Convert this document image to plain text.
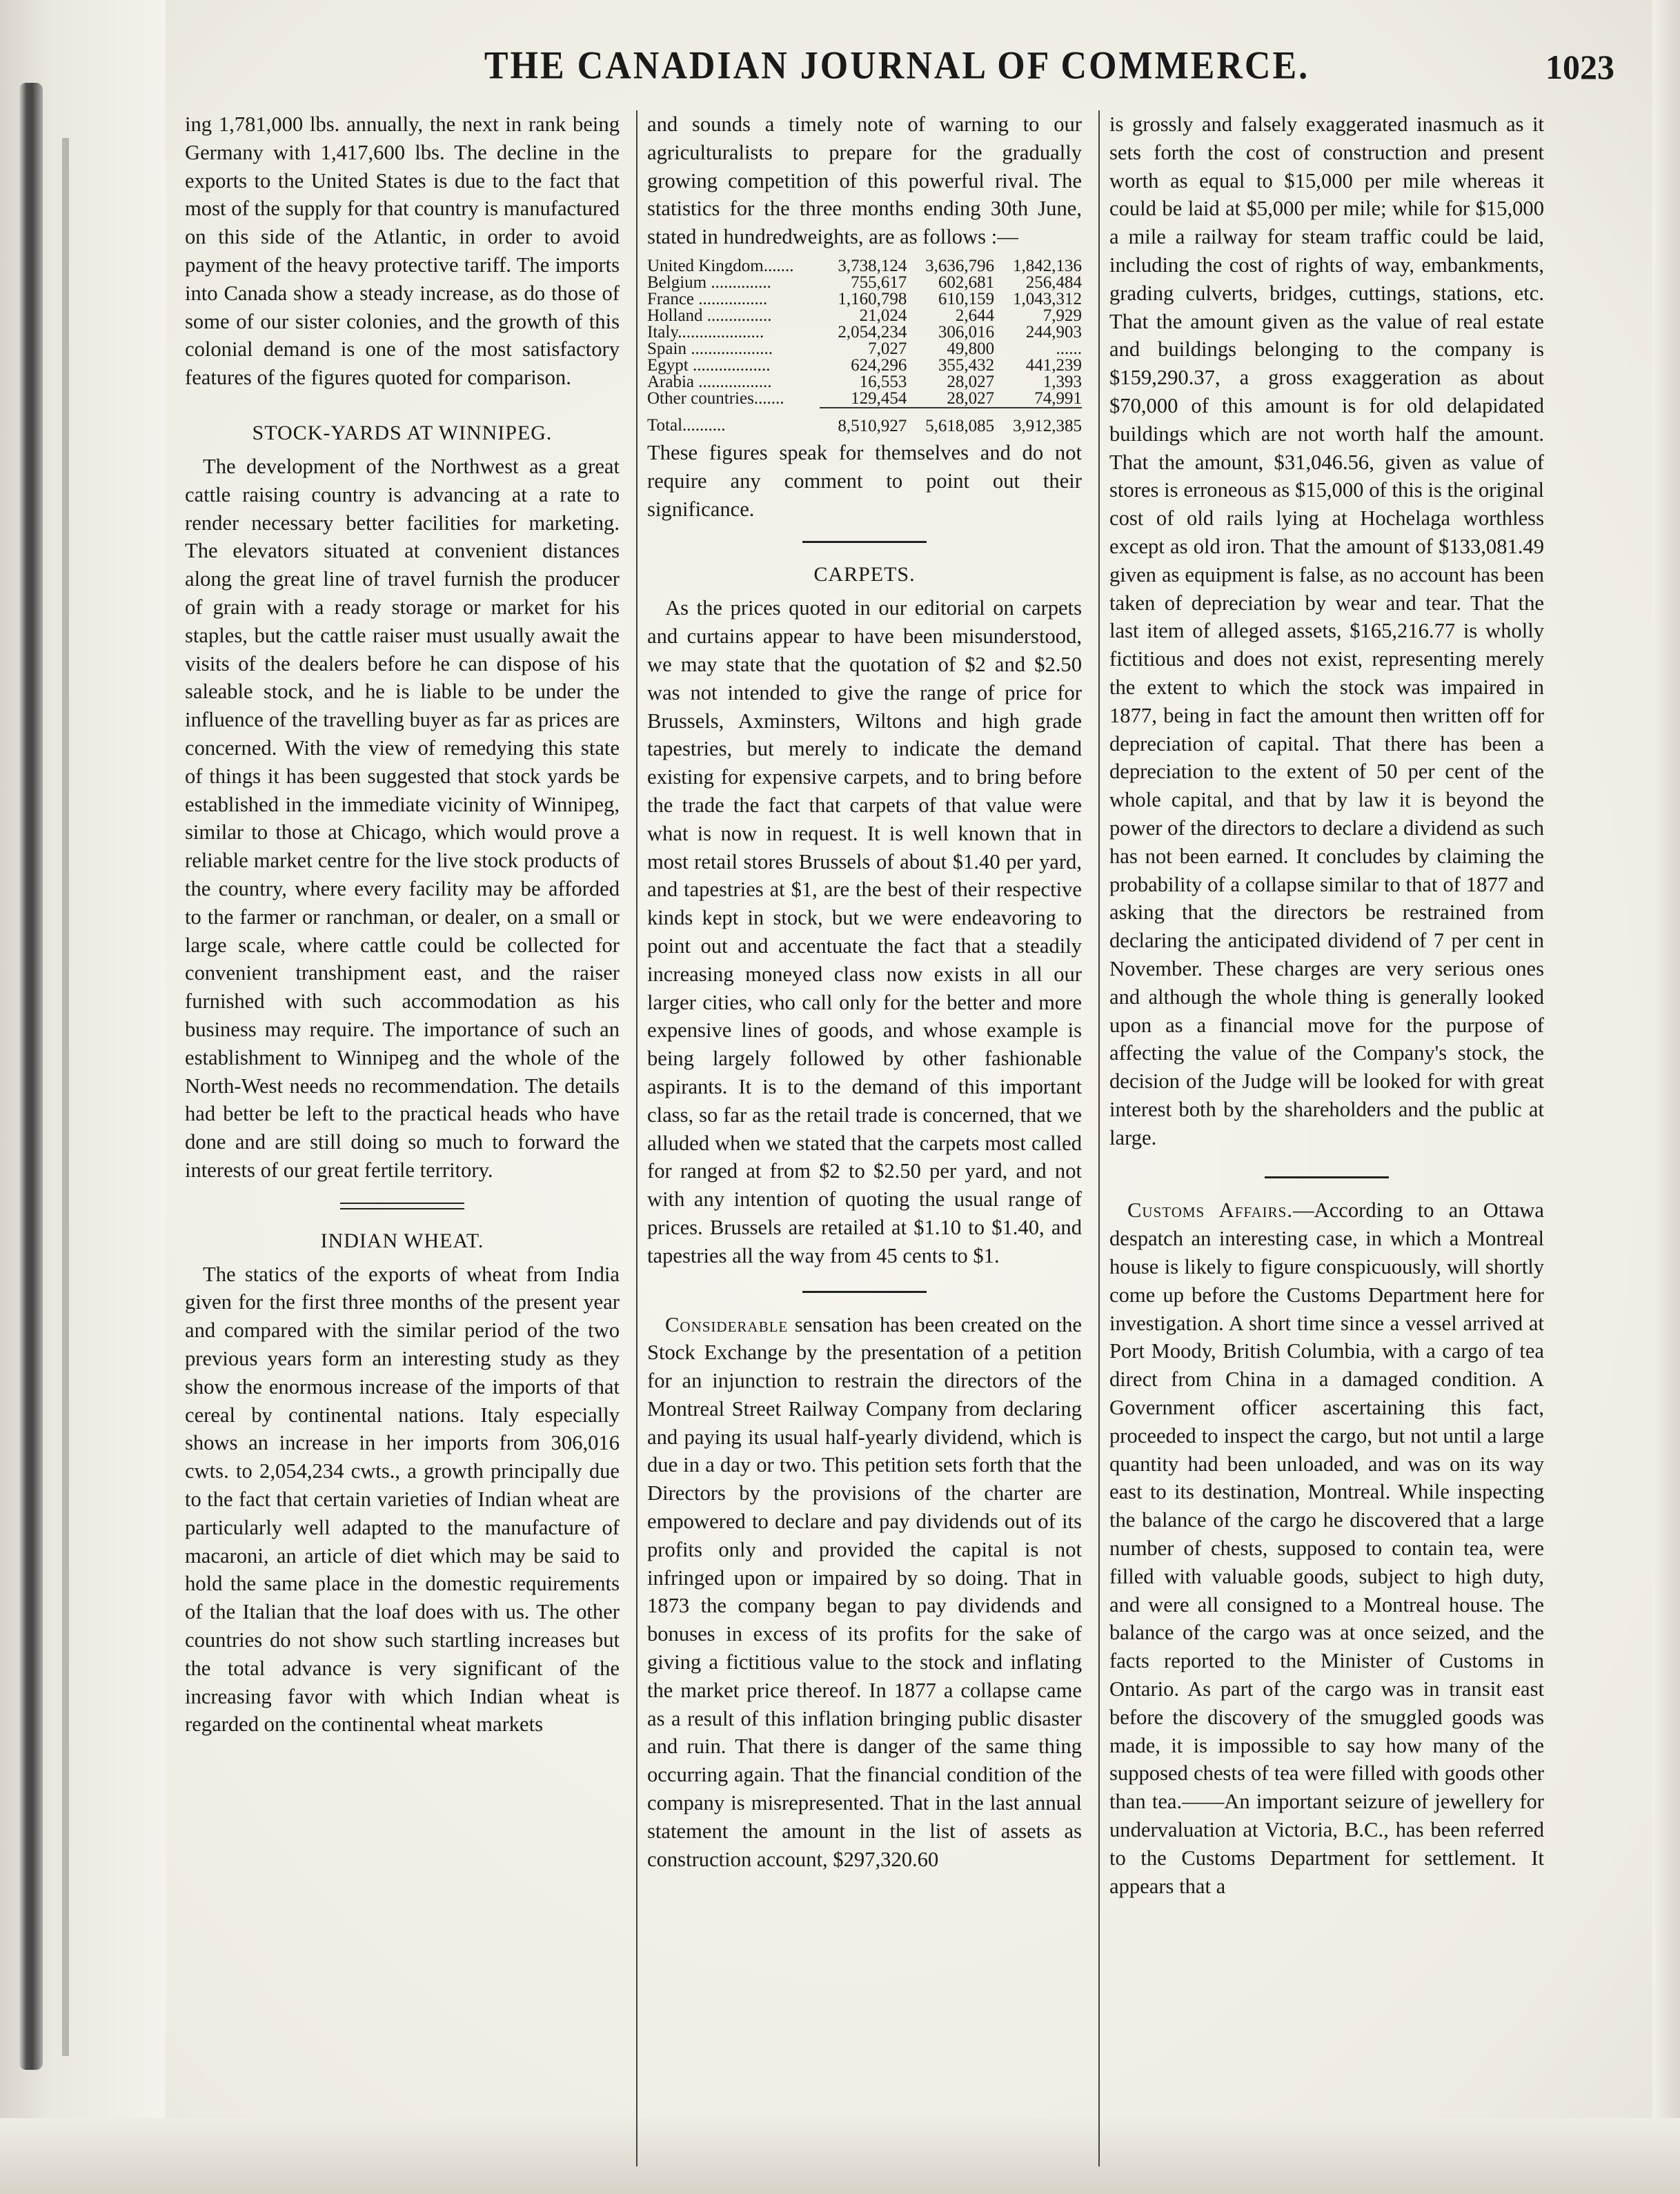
THE CANADIAN JOURNAL OF COMMERCE.	1023

ing 1,781,000 lbs. annually, the next in rank being Germany with 1,417,600 lbs. The decline in the exports to the United States is due to the fact that most of the supply for that country is manufactured on this side of the Atlantic, in order to avoid payment of the heavy protective tariff. The imports into Canada show a steady increase, as do those of some of our sister colonies, and the growth of this colonial demand is one of the most satisfactory features of the figures quoted for comparison.

STOCK-YARDS AT WINNIPEG.

The development of the Northwest as a great cattle raising country is advancing at a rate to render necessary better facilities for marketing. The elevators situated at convenient distances along the great line of travel furnish the producer of grain with a ready storage or market for his staples, but the cattle raiser must usually await the visits of the dealers before he can dispose of his saleable stock, and he is liable to be under the influence of the travelling buyer as far as prices are concerned. With the view of remedying this state of things it has been suggested that stock yards be established in the immediate vicinity of Winnipeg, similar to those at Chicago, which would prove a reliable market centre for the live stock products of the country, where every facility may be afforded to the farmer or ranchman, or dealer, on a small or large scale, where cattle could be collected for convenient transhipment east, and the raiser furnished with such accommodation as his business may require. The importance of such an establishment to Winnipeg and the whole of the North-West needs no recommendation. The details had better be left to the practical heads who have done and are still doing so much to forward the interests of our great fertile territory.

INDIAN WHEAT.

The statics of the exports of wheat from India given for the first three months of the present year and compared with the similar period of the two previous years form an interesting study as they show the enormous increase of the imports of that cereal by continental nations. Italy especially shows an increase in her imports from 306,016 cwts. to 2,054,234 cwts., a growth principally due to the fact that certain varieties of Indian wheat are particularly well adapted to the manufacture of macaroni, an article of diet which may be said to hold the same place in the domestic requirements of the Italian that the loaf does with us. The other countries do not show such startling increases but the total advance is very significant of the increasing favor with which Indian wheat is regarded on the continental wheat markets

and sounds a timely note of warning to our agriculturalists to prepare for the gradually growing competition of this powerful rival. The statistics for the three months ending 30th June, stated in hundredweights, are as follows :—

United Kingdom.......	3,738,124	3,636,796	1,842,136
Belgium ..............	755,617	602,681	256,484
France ................	1,160,798	610,159	1,043,312
Holland ...............	21,024	2,644	7,929
Italy....................	2,054,234	306,016	244,903
Spain ...................	7,027	49,800	......
Egypt ..................	624,296	355,432	441,239
Arabia .................	16,553	28,027	1,393
Other countries.......	129,454	28,027	74,991
Total..........	8,510,927	5,618,085	3,912,385

These figures speak for themselves and do not require any comment to point out their significance.

CARPETS.

As the prices quoted in our editorial on carpets and curtains appear to have been misunderstood, we may state that the quotation of $2 and $2.50 was not intended to give the range of price for Brussels, Axminsters, Wiltons and high grade tapestries, but merely to indicate the demand existing for expensive carpets, and to bring before the trade the fact that carpets of that value were what is now in request. It is well known that in most retail stores Brussels of about $1.40 per yard, and tapestries at $1, are the best of their respective kinds kept in stock, but we were endeavoring to point out and accentuate the fact that a steadily increasing moneyed class now exists in all our larger cities, who call only for the better and more expensive lines of goods, and whose example is being largely followed by other fashionable aspirants. It is to the demand of this important class, so far as the retail trade is concerned, that we alluded when we stated that the carpets most called for ranged at from $2 to $2.50 per yard, and not with any intention of quoting the usual range of prices. Brussels are retailed at $1.10 to $1.40, and tapestries all the way from 45 cents to $1.

Considerable sensation has been created on the Stock Exchange by the presentation of a petition for an injunction to restrain the directors of the Montreal Street Railway Company from declaring and paying its usual half-yearly dividend, which is due in a day or two. This petition sets forth that the Directors by the provisions of the charter are empowered to declare and pay dividends out of its profits only and provided the capital is not infringed upon or impaired by so doing. That in 1873 the company began to pay dividends and bonuses in excess of its profits for the sake of giving a fictitious value to the stock and inflating the market price thereof. In 1877 a collapse came as a result of this inflation bringing public disaster and ruin. That there is danger of the same thing occurring again. That the financial condition of the company is misrepresented. That in the last annual statement the amount in the list of assets as construction account, $297,320.60

is grossly and falsely exaggerated inasmuch as it sets forth the cost of construction and present worth as equal to $15,000 per mile whereas it could be laid at $5,000 per mile; while for $15,000 a mile a railway for steam traffic could be laid, including the cost of rights of way, embankments, grading culverts, bridges, cuttings, stations, etc. That the amount given as the value of real estate and buildings belonging to the company is $159,290.37, a gross exaggeration as about $70,000 of this amount is for old delapidated buildings which are not worth half the amount. That the amount, $31,046.56, given as value of stores is erroneous as $15,000 of this is the original cost of old rails lying at Hochelaga worthless except as old iron. That the amount of $133,081.49 given as equipment is false, as no account has been taken of depreciation by wear and tear. That the last item of alleged assets, $165,216.77 is wholly fictitious and does not exist, representing merely the extent to which the stock was impaired in 1877, being in fact the amount then written off for depreciation of capital. That there has been a depreciation to the extent of 50 per cent of the whole capital, and that by law it is beyond the power of the directors to declare a dividend as such has not been earned. It concludes by claiming the probability of a collapse similar to that of 1877 and asking that the directors be restrained from declaring the anticipated dividend of 7 per cent in November. These charges are very serious ones and although the whole thing is generally looked upon as a financial move for the purpose of affecting the value of the Company's stock, the decision of the Judge will be looked for with great interest both by the shareholders and the public at large.

Customs Affairs.—According to an Ottawa despatch an interesting case, in which a Montreal house is likely to figure conspicuously, will shortly come up before the Customs Department here for investigation. A short time since a vessel arrived at Port Moody, British Columbia, with a cargo of tea direct from China in a damaged condition. A Government officer ascertaining this fact, proceeded to inspect the cargo, but not until a large quantity had been unloaded, and was on its way east to its destination, Montreal. While inspecting the balance of the cargo he discovered that a large number of chests, supposed to contain tea, were filled with valuable goods, subject to high duty, and were all consigned to a Montreal house. The balance of the cargo was at once seized, and the facts reported to the Minister of Customs in Ontario. As part of the cargo was in transit east before the discovery of the smuggled goods was made, it is impossible to say how many of the supposed chests of tea were filled with goods other than tea.——An important seizure of jewellery for undervaluation at Victoria, B.C., has been referred to the Customs Department for settlement. It appears that a
